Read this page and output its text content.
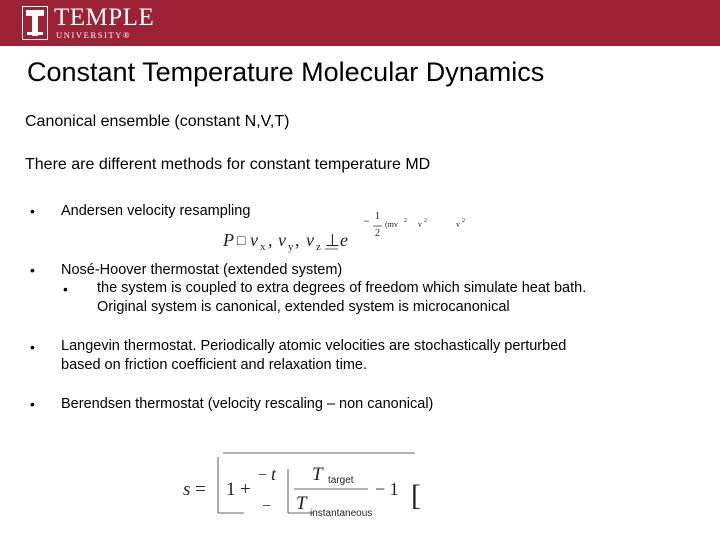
TEMPLE
UNIVERSITY®
Constant Temperature Molecular Dynamics
Canonical ensemble (constant N,V,T)
There are different methods for constant temperature MD
• Andersen velocity resampling
P □ v x , v y , v z ⊥ e
− 1
2
(mv 2 v 2	v 2
• Nosé-Hoover thermostat (extended system)
• the system is coupled to extra degrees of freedom which simulate heat bath.
Original system is canonical, extended system is microcanonical
• Langevin thermostat. Periodically atomic velocities are stochastically perturbed
based on friction coefficient and relaxation time.
• Berendsen thermostat (velocity rescaling – non canonical)
s = 1 +
− t
−
T target − 1
T instantaneous
[
